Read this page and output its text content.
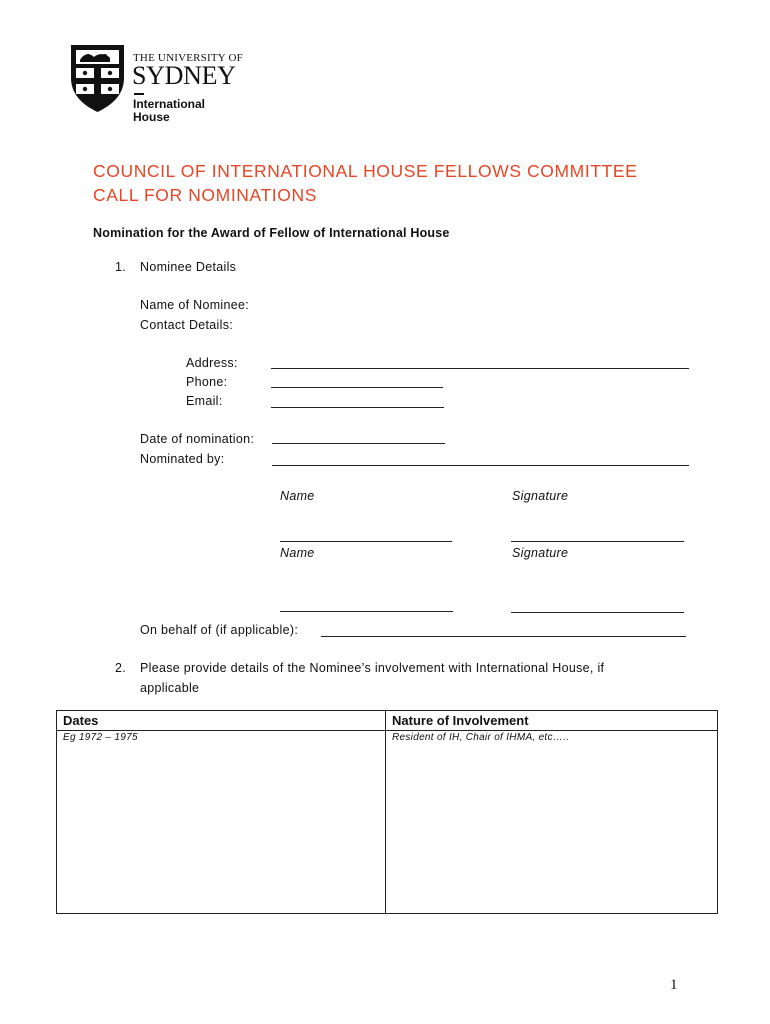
THE UNIVERSITY OF
SYDNEY
International
House
COUNCIL OF INTERNATIONAL HOUSE FELLOWS COMMITTEE
CALL FOR NOMINATIONS
Nomination for the Award of Fellow of International House
1. Nominee Details
Name of Nominee:
Contact Details:
Address:
Phone:
Email:
Date of nomination:
Nominated by:
Name	Signature
Name	Signature
On behalf of (if applicable):
2. Please provide details of the Nominee’s involvement with International House, if
applicable
Dates	Nature of Involvement
Eg 1972 – 1975	Resident of IH, Chair of IHMA, etc…..
1
